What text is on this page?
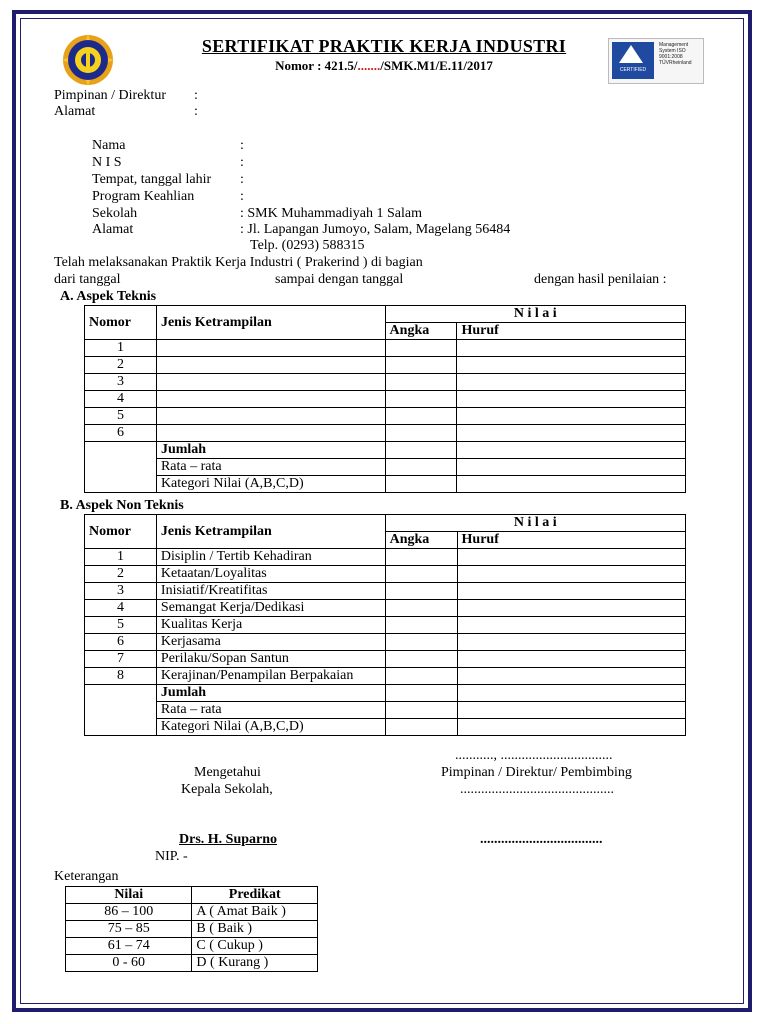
SERTIFIKAT PRAKTIK KERJA INDUSTRI
Nomor : 421.5/......./SMK.M1/E.11/2017	CERTIFIED
Management System ISO 9001:2008
TÜVRheinland
Pimpinan / Direktur :
Alamat	:
Nama	:
N I S	:
Tempat, tanggal lahir :
Program Keahlian	:
Sekolah	: SMK Muhammadiyah 1 Salam
Alamat	: Jl. Lapangan Jumoyo, Salam, Magelang 56484
Telp. (0293) 588315
Telah melaksanakan Praktik Kerja Industri ( Prakerind ) di bagian
dari tanggal	sampai dengan tanggal	dengan hasil penilaian :
A. Aspek Teknis
Nomor	Jenis Ketrampilan	N i l a i	
		Angka	Huruf
1			
2			
3			
4			
5			
6			
	Jumlah		
	Rata – rata		
	Kategori Nilai (A,B,C,D)		
B. Aspek Non Teknis
Nomor	Jenis Ketrampilan	N i l a i	
		Angka	Huruf
1	Disiplin / Tertib Kehadiran		
2	Ketaatan/Loyalitas		
3	Inisiatif/Kreatifitas		
4	Semangat Kerja/Dedikasi		
5	Kualitas Kerja		
6	Kerjasama		
7	Perilaku/Sopan Santun		
8	Kerajinan/Penampilan Berpakaian		
	Jumlah		
	Rata – rata		
	Kategori Nilai (A,B,C,D)		
..........., ................................
Mengetahui	Pimpinan / Direktur/ Pembimbing
Kepala Sekolah,	............................................
Drs. H. Suparno	...................................
NIP. -
Keterangan
Nilai	Predikat
86 – 100	A ( Amat Baik )
75 – 85	B ( Baik )
61 – 74	C ( Cukup )
0 - 60	D ( Kurang )
